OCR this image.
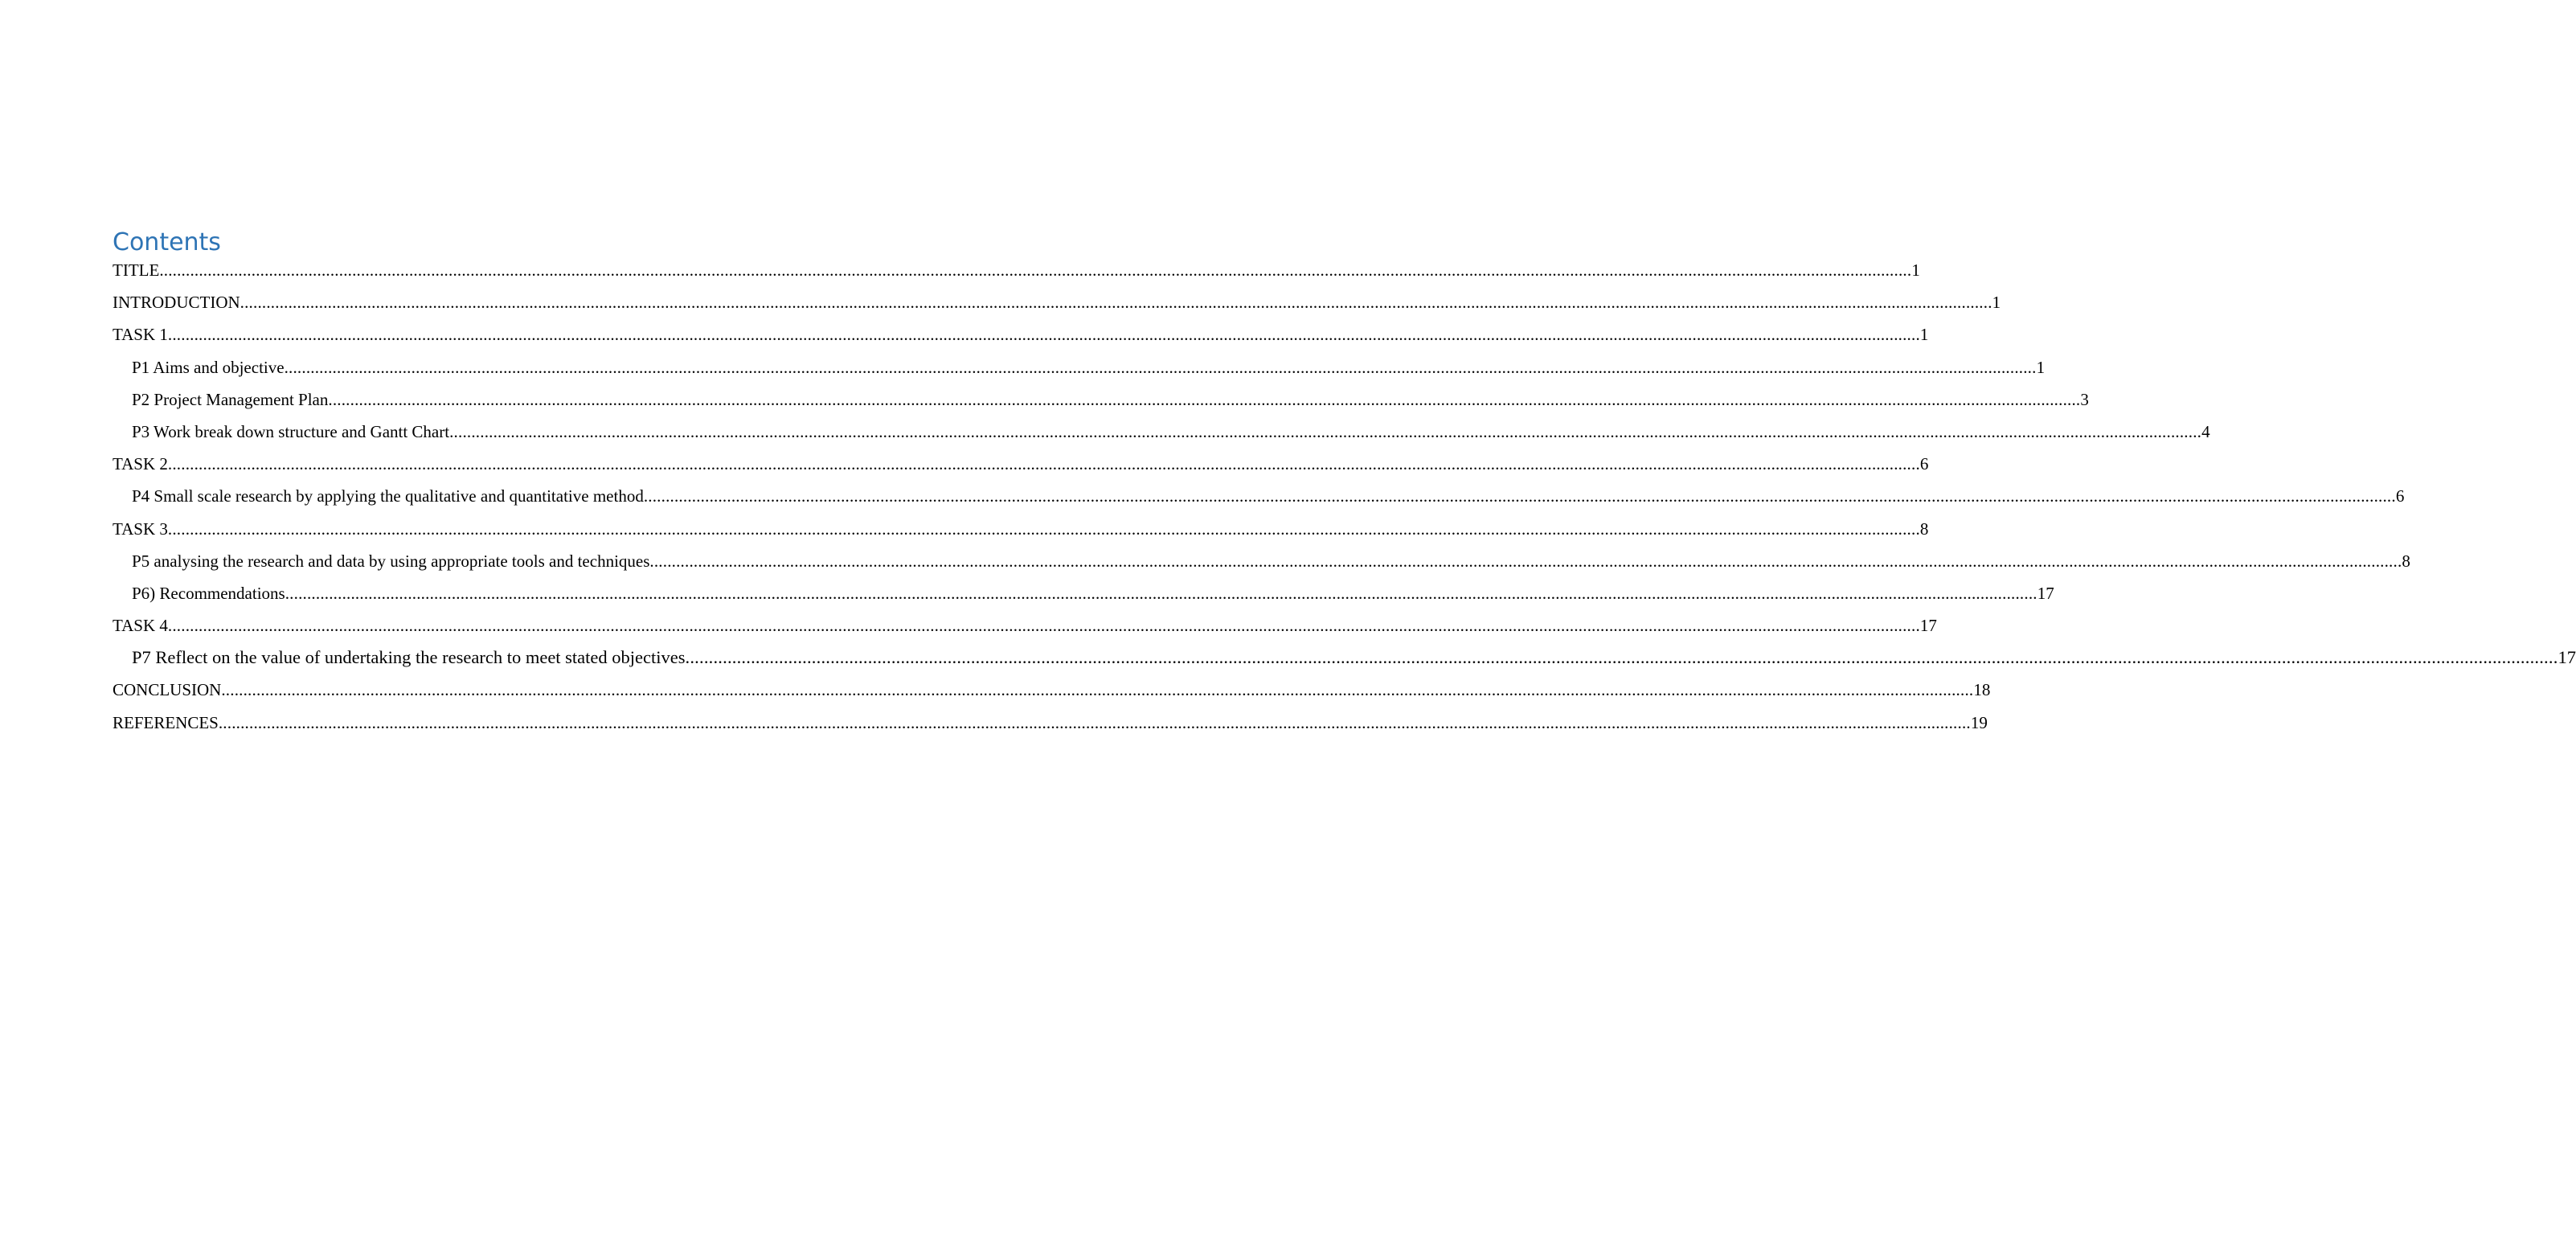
Contents
TITLE ................................................................................................................................................................................................................................................................................................................................................................................................................ 1
INTRODUCTION ................................................................................................................................................................................................................................................................................................................................................................................................................ 1
TASK 1 ................................................................................................................................................................................................................................................................................................................................................................................................................ 1
P1 Aims and objective ................................................................................................................................................................................................................................................................................................................................................................................................................ 1
P2 Project Management Plan ................................................................................................................................................................................................................................................................................................................................................................................................................ 3
P3 Work break down structure and Gantt Chart ................................................................................................................................................................................................................................................................................................................................................................................................................ 4
TASK 2 ................................................................................................................................................................................................................................................................................................................................................................................................................ 6
P4 Small scale research by applying the qualitative and quantitative method ................................................................................................................................................................................................................................................................................................................................................................................................................ 6
TASK 3 ................................................................................................................................................................................................................................................................................................................................................................................................................ 8
P5 analysing the research and data by using appropriate tools and techniques ................................................................................................................................................................................................................................................................................................................................................................................................................ 8
P6) Recommendations ................................................................................................................................................................................................................................................................................................................................................................................................................ 17
TASK 4 ................................................................................................................................................................................................................................................................................................................................................................................................................ 17
P7 Reflect on the value of undertaking the research to meet stated objectives ................................................................................................................................................................................................................................................................................................................................................................................................................ 17
CONCLUSION ................................................................................................................................................................................................................................................................................................................................................................................................................ 18
REFERENCES ................................................................................................................................................................................................................................................................................................................................................................................................................ 19
